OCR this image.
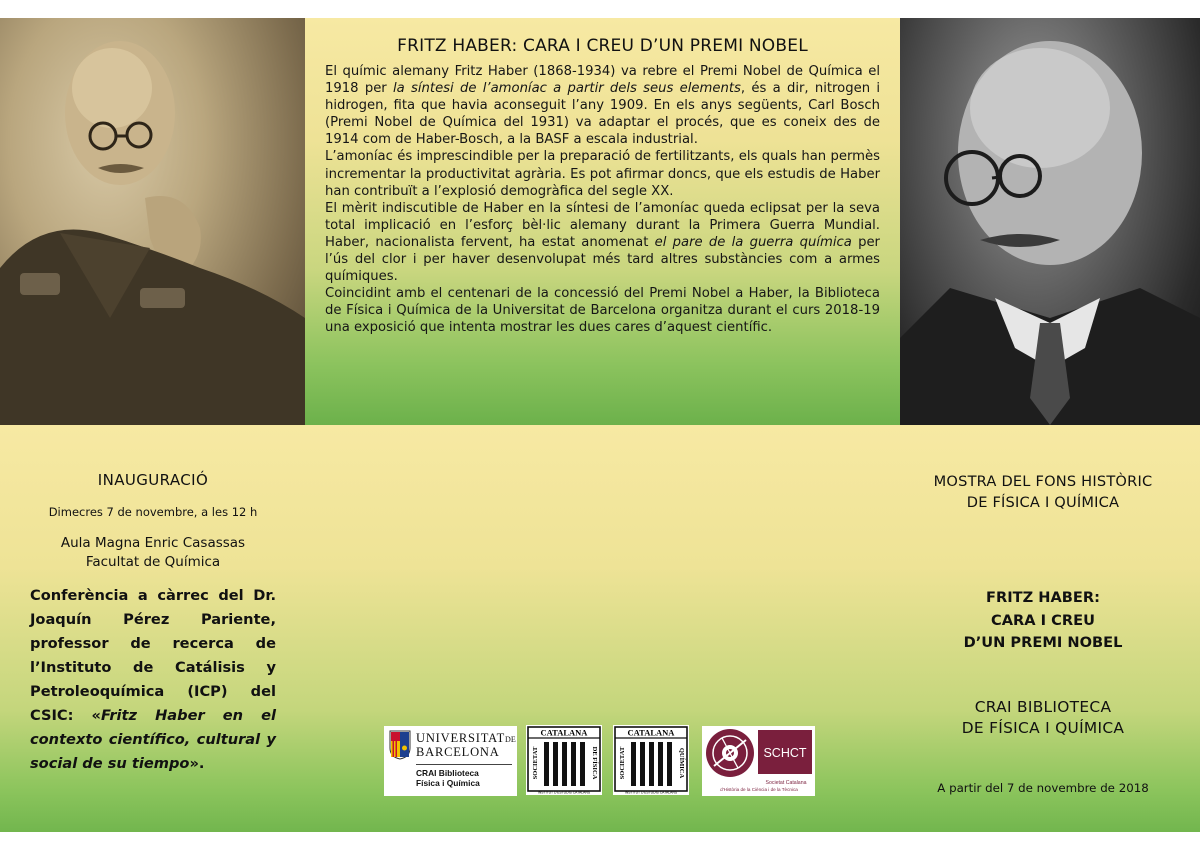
FRITZ HABER: CARA I CREU D’UN PREMI NOBEL

El químic alemany Fritz Haber (1868-1934) va rebre el Premi Nobel de Química el 1918 per la síntesi de l’amoníac a partir dels seus elements, és a dir, nitrogen i hidrogen, fita que havia aconseguit l’any 1909. En els anys següents, Carl Bosch (Premi Nobel de Química del 1931) va adaptar el procés, que es coneix des de 1914 com de Haber-Bosch, a la BASF a escala industrial.

L’amoníac és imprescindible per la preparació de fertilitzants, els quals han permès incrementar la productivitat agrària. Es pot afirmar doncs, que els estudis de Haber han contribuït a l’explosió demogràfica del segle XX.

El mèrit indiscutible de Haber en la síntesi de l’amoníac queda eclipsat per la seva total implicació en l’esforç bèl·lic alemany durant la Primera Guerra Mundial. Haber, nacionalista fervent, ha estat anomenat el pare de la guerra química per l’ús del clor i per haver desenvolupat més tard altres substàncies com a armes químiques.

Coincidint amb el centenari de la concessió del Premi Nobel a Haber, la Biblioteca de Física i Química de la Universitat de Barcelona organitza durant el curs 2018-19 una exposició que intenta mostrar les dues cares d’aquest científic.

INAUGURACIÓ
Dimecres 7 de novembre, a les 12 h
Aula Magna Enric Casassas
Facultat de Química

Conferència a càrrec del Dr. Joaquín Pérez Pariente, professor de recerca de l’Instituto de Catálisis y Petroleoquímica (ICP) del CSIC: «Fritz Haber en el contexto científico, cultural y social de su tiempo».

MOSTRA DEL FONS HISTÒRIC
DE FÍSICA I QUÍMICA
FRITZ HABER:
CARA I CREU
D’UN PREMI NOBEL
CRAI BIBLIOTECA
DE FÍSICA I QUÍMICA
A partir del 7 de novembre de 2018
UNIVERSITATDE
BARCELONA
CRAI Biblioteca
Física i Química
CATALANA
SOCIETAT	DE FÍSICA
INSTITUT D'ESTUDIS CATALANS
CATALANA
SOCIETAT	QUÍMICA
INSTITUT D'ESTUDIS CATALANS
SCHCT
Societat Catalana
d'Història de la Ciència i de la Tècnica
